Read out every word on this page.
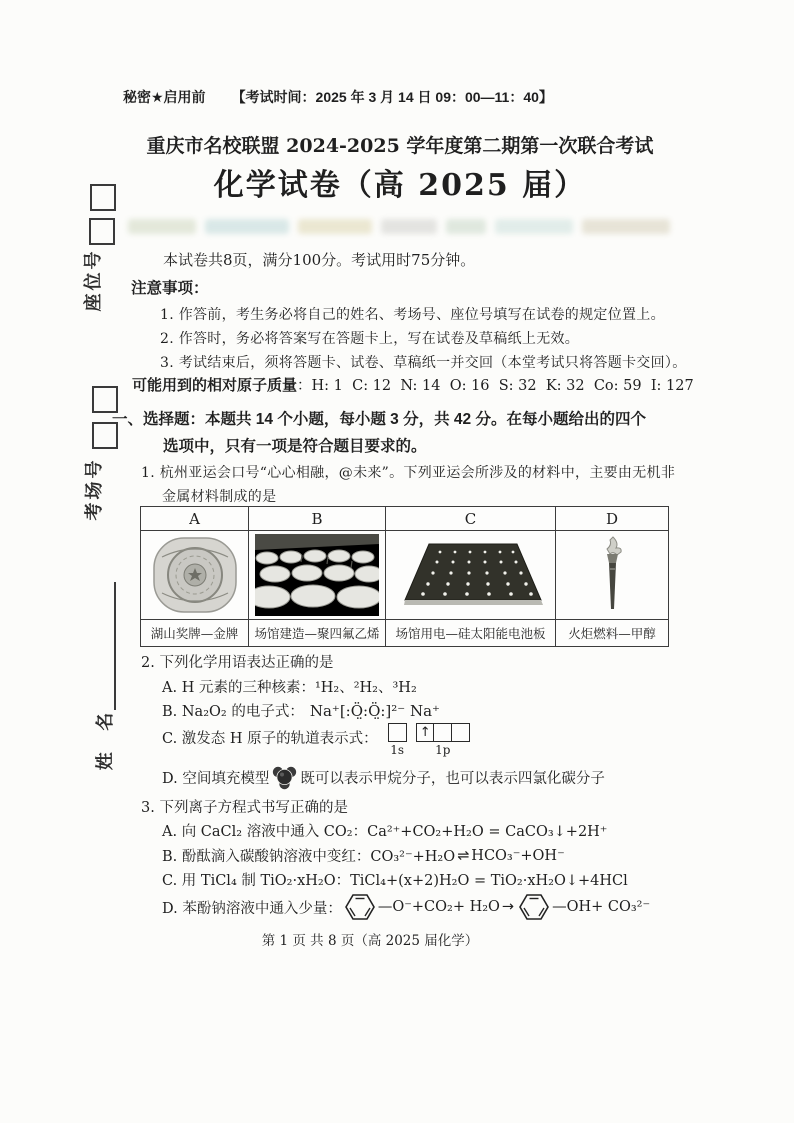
座位号
考场号
姓  名
秘密★启用前 【考试时间：2025 年 3 月 14 日 09：00—11：40】
重庆市名校联盟 2024-2025 学年度第二期第一次联合考试
化学试卷（高 2025 届）
本试卷共8页，满分100分。考试用时75分钟。
注意事项：
1. 作答前，考生务必将自己的姓名、考场号、座位号填写在试卷的规定位置上。
2. 作答时，务必将答案写在答题卡上，写在试卷及草稿纸上无效。
3. 考试结束后，须将答题卡、试卷、草稿纸一并交回（本堂考试只将答题卡交回）。
可能用到的相对原子质量：H: 1  C: 12  N: 14  O: 16  S: 32  K: 32  Co: 59  I: 127
一、选择题：本题共 14 个小题，每小题 3 分，共 42 分。在每小题给出的四个
选项中，只有一项是符合题目要求的。
1. 杭州亚运会口号“心心相融，@未来”。下列亚运会所涉及的材料中，主要由无机非
金属材料制成的是
A	B	C	D
湖山奖牌—金牌	场馆建造—聚四氟乙烯	场馆用电—硅太阳能电池板	火炬燃料—甲醇
2. 下列化学用语表达正确的是
A. H 元素的三种核素：¹H₂、²H₂、³H₂
B. Na₂O₂ 的电子式： Na⁺[:Ö̤:Ö̤:]²⁻ Na⁺
C. 激发态 H 原子的轨道表示式：
1s
↑
1p
D. 空间填充模型 既可以表示甲烷分子，也可以表示四氯化碳分子
3. 下列离子方程式书写正确的是
A. 向 CaCl₂ 溶液中通入 CO₂：Ca²⁺+CO₂+H₂O = CaCO₃↓+2H⁺
B. 酚酞滴入碳酸钠溶液中变红：CO₃²⁻+H₂O ⇌ HCO₃⁻+OH⁻
C. 用 TiCl₄ 制 TiO₂·xH₂O：TiCl₄+(x+2)H₂O = TiO₂·xH₂O↓+4HCl
D. 苯酚钠溶液中通入少量： —O⁻+CO₂+ H₂O →	—OH+ CO₃²⁻
第 1 页 共 8 页（高 2025 届化学）
